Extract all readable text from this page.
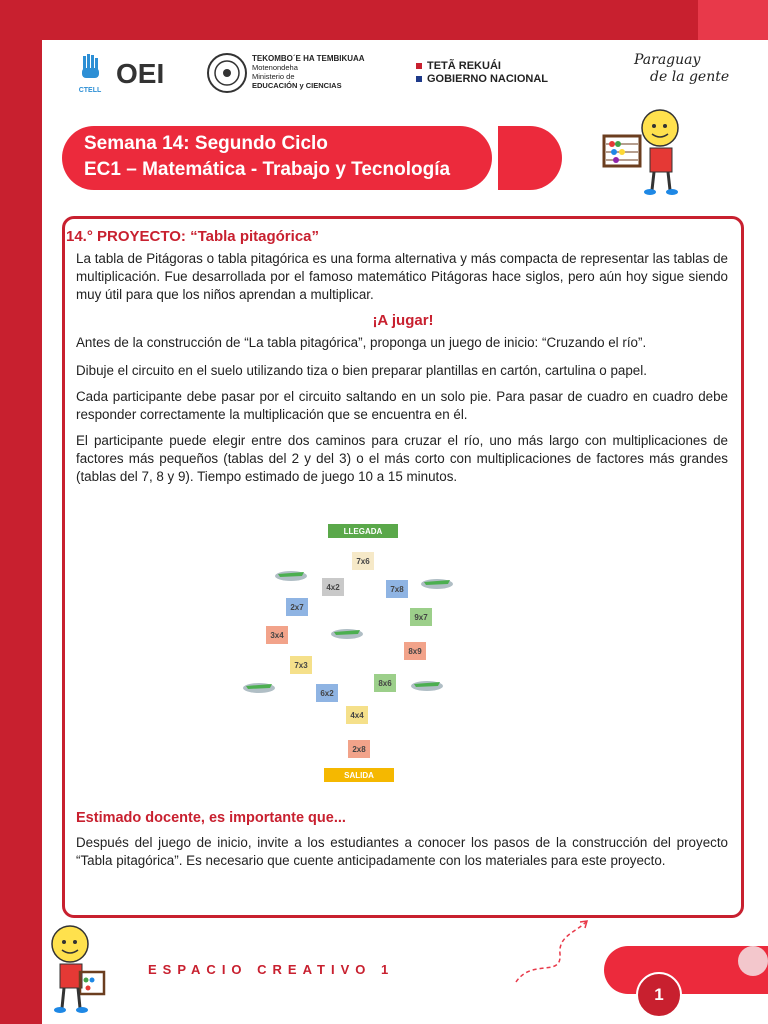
CTELL
OEI	TEKOMBO´E HA TEMBIKUAA
Motenondeha
Ministerio de
EDUCACIÓN y CIENCIAS
TETÃ REKUÁI
GOBIERNO NACIONAL
Paraguay
de la gente
Semana 14: Segundo Ciclo
EC1 – Matemática - Trabajo y Tecnología
14.° PROYECTO: “Tabla pitagórica”
La tabla de Pitágoras o tabla pitagórica es una forma alternativa y más compacta de representar las tablas de multiplicación. Fue desarrollada por el famoso matemático Pitágoras hace siglos, pero aún hoy sigue siendo muy útil para que los niños aprendan a multiplicar.
¡A jugar!
Antes de la construcción de “La tabla pitagórica”, proponga un juego de inicio: “Cruzando el río”.
Dibuje el circuito en el suelo utilizando tiza o bien preparar plantillas en cartón, cartulina o papel.
Cada participante debe pasar por el circuito saltando en un solo pie. Para pasar de cuadro en cuadro debe responder correctamente la multiplicación que se encuentra en él.
El participante puede elegir entre dos caminos para cruzar el río, uno más largo con multiplicaciones de factores más pequeños (tablas del 2 y del 3) o el más corto con multiplicaciones de factores más grandes (tablas del 7, 8 y 9). Tiempo estimado de juego 10 a 15 minutos.
LLEGADA
7x6
4x2	7x8
2x7
9x7
3x4
8x9
7x3
8x6
6x2
4x4
2x8
SALIDA
Estimado docente, es importante que...
Después del juego de inicio, invite a los estudiantes a conocer los pasos de la construcción del proyecto “Tabla pitagórica”. Es necesario que cuente anticipadamente con los materiales para este proyecto.
ESPACIO CREATIVO 1
1
